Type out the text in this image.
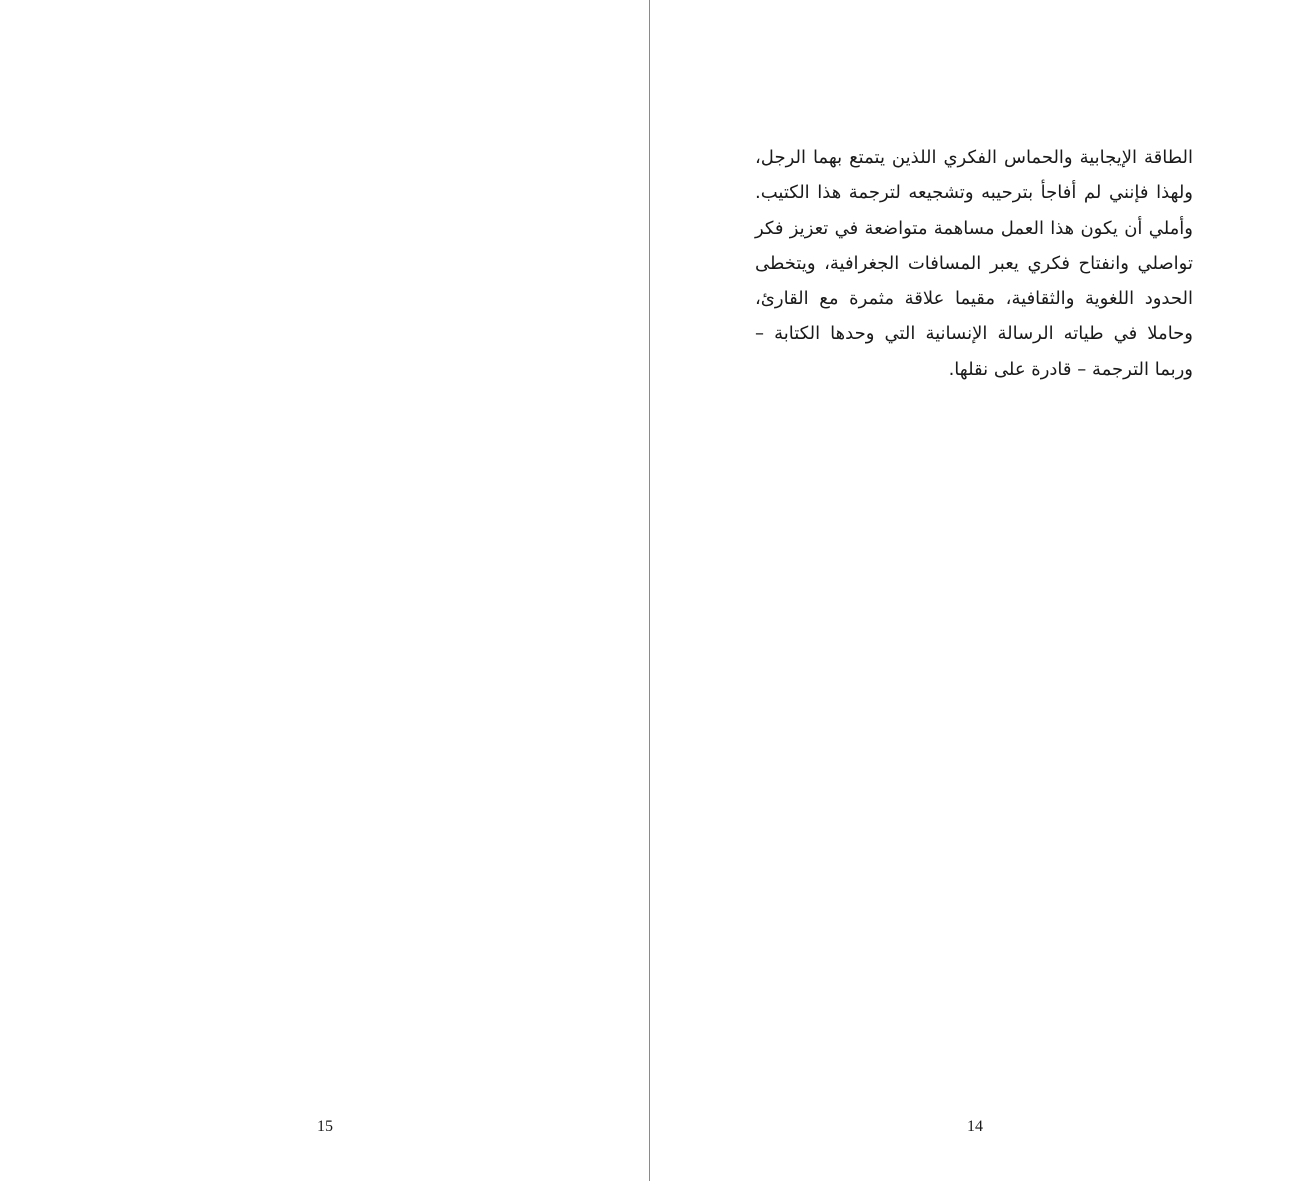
15

الطاقة الإيجابية والحماس الفكري اللذين يتمتع بهما الرجل، ولهذا فإنني لم أفاجأ بترحيبه وتشجيعه لترجمة هذا الكتيب. وأملي أن يكون هذا العمل مساهمة متواضعة في تعزيز فكر تواصلي وانفتاح فكري يعبر المسافات الجغرافية، ويتخطى الحدود اللغوية والثقافية، مقيما علاقة مثمرة مع القارئ، وحاملا في طياته الرسالة الإنسانية التي وحدها الكتابة – وربما الترجمة – قادرة على نقلها.

14
